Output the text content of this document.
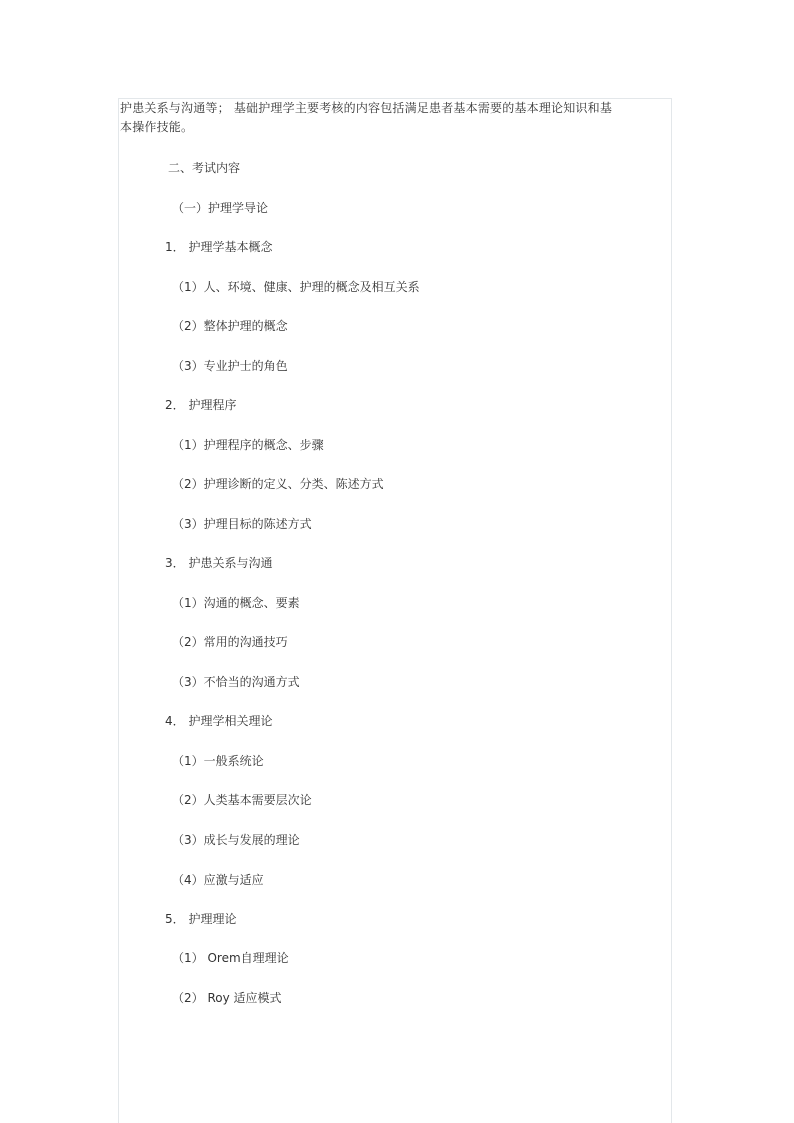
护患关系与沟通等； 基础护理学主要考核的内容包括满足患者基本需要的基本理论知识和基
本操作技能。

二、考试内容

（一）护理学导论

1． 护理学基本概念

（1）人、环境、健康、护理的概念及相互关系

（2）整体护理的概念

（3）专业护士的角色

2． 护理程序

（1）护理程序的概念、步骤

（2）护理诊断的定义、分类、陈述方式

（3）护理目标的陈述方式

3． 护患关系与沟通

（1）沟通的概念、要素

（2）常用的沟通技巧

（3）不恰当的沟通方式

4． 护理学相关理论

（1）一般系统论

（2）人类基本需要层次论

（3）成长与发展的理论

（4）应激与适应

5． 护理理论

（1） Orem自理理论

（2） Roy 适应模式
